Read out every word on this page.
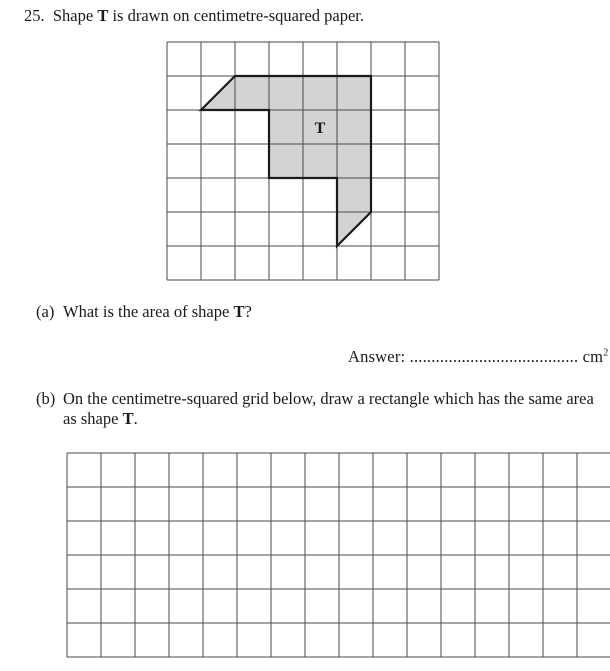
25. Shape T is drawn on centimetre-squared paper.
T
(a) What is the area of shape T?
Answer: ....................................... $cm^2$
(b) On the centimetre-squared grid below, draw a rectangle which has the same area
as shape T.
